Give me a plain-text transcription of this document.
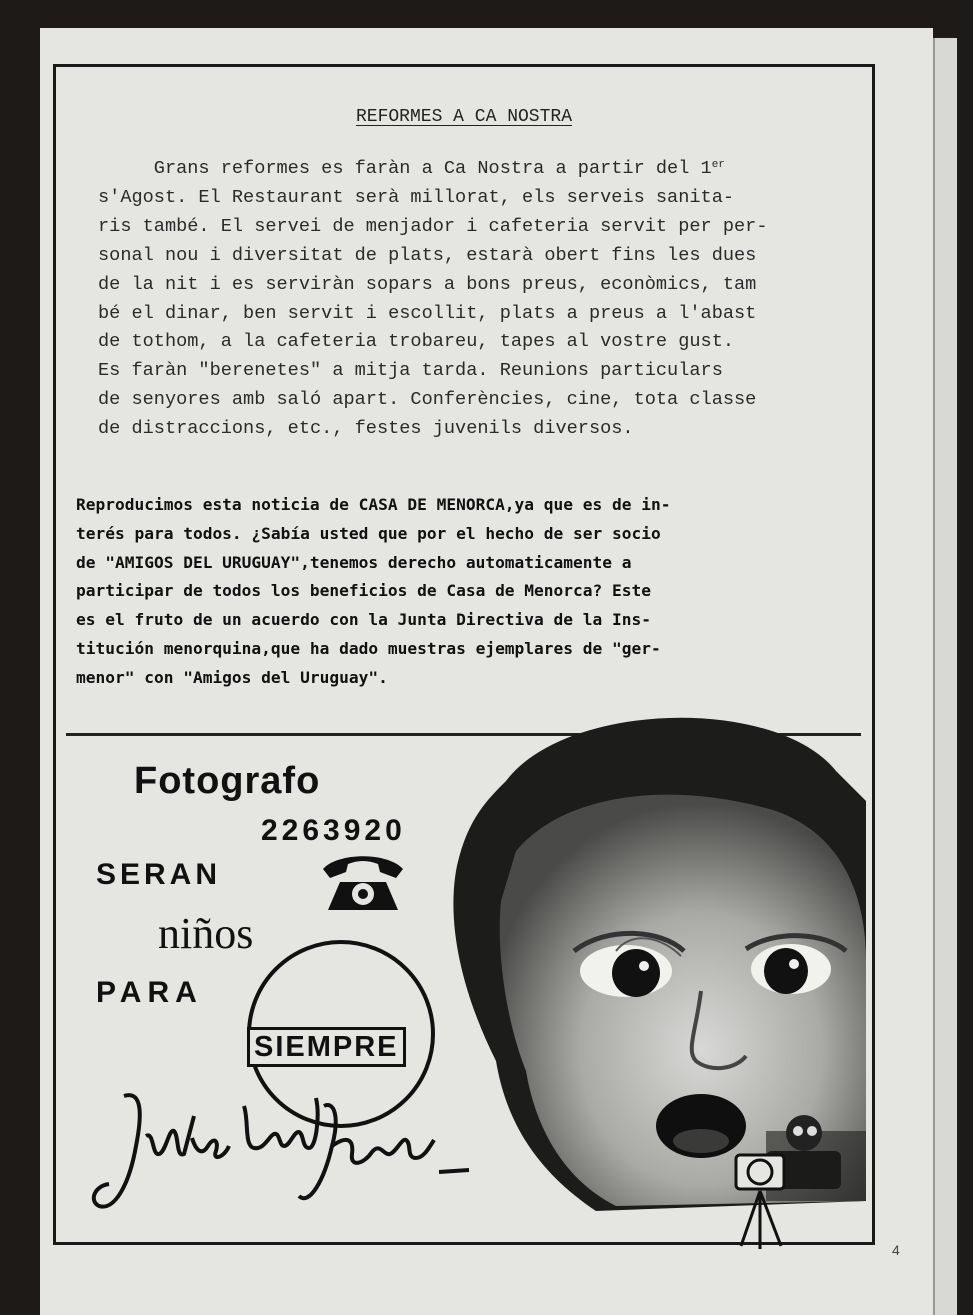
REFORMES A CA NOSTRA
Grans reformes es faràn a Ca Nostra a partir del 1er
s'Agost. El Restaurant serà millorat, els serveis sanita-
ris també. El servei de menjador i cafeteria servit per per-
sonal nou i diversitat de plats, estarà obert fins les dues
de la nit i es serviràn sopars a bons preus, econòmics, tam
bé el dinar, ben servit i escollit, plats a preus a l'abast
de tothom, a la cafeteria trobareu, tapes al vostre gust.
Es faràn "berenetes" a mitja tarda. Reunions particulars
de senyores amb saló apart. Conferències, cine, tota classe
de distraccions, etc., festes juvenils diversos.
Reproducimos esta noticia de CASA DE MENORCA,ya que es de in-
terés para todos. ¿Sabía usted que por el hecho de ser socio
de "AMIGOS DEL URUGUAY",tenemos derecho automaticamente a
participar de todos los beneficios de Casa de Menorca? Este
es el fruto de un acuerdo con la Junta Directiva de la Ins-
titución menorquina,que ha dado muestras ejemplares de "ger-
menor" con "Amigos del Uruguay".
Fotografo
2263920
SERAN
niños
PARA
SIEMPRE
4
